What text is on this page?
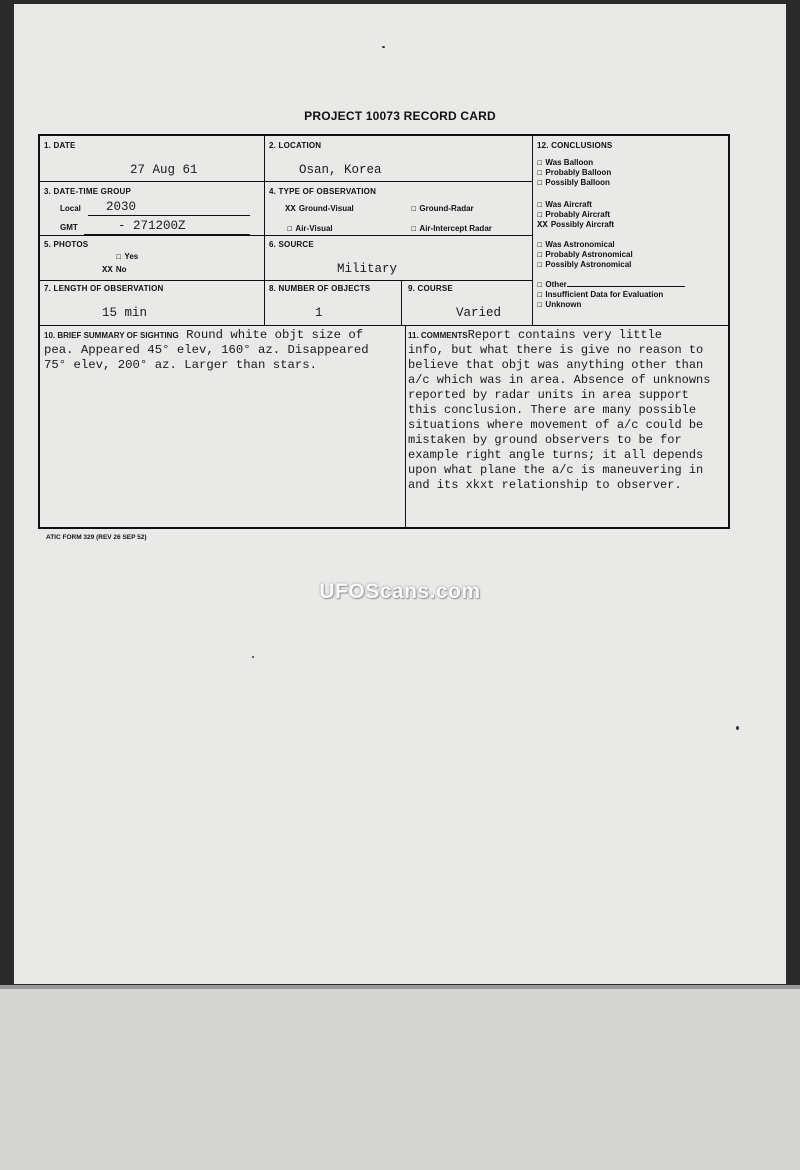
PROJECT 10073 RECORD CARD
1. DATE
27 Aug 61
2. LOCATION
Osan, Korea
3. DATE-TIME GROUP
Local 2030
GMT	- 271200Z
4. TYPE OF OBSERVATION
XX Ground-Visual	☐ Ground-Radar
☐ Air-Visual	☐ Air-Intercept Radar
5. PHOTOS
☐ Yes
XX No
6. SOURCE
Military
7. LENGTH OF OBSERVATION
15 min
8. NUMBER OF OBJECTS
1
9. COURSE
Varied
12. CONCLUSIONS
☐ Was Balloon
☐ Probably Balloon
☐ Possibly Balloon
☐ Was Aircraft
☐ Probably Aircraft
XX Possibly Aircraft
☐ Was Astronomical
☐ Probably Astronomical
☐ Possibly Astronomical
☐ Other
☐ Insufficient Data for Evaluation
☐ Unknown
10. BRIEF SUMMARY OF SIGHTING Round white objt size of
pea. Appeared 45° elev, 160° az. Disappeared
75° elev, 200° az. Larger than stars.
11. COMMENTSReport contains very little
info, but what there is give no reason to
believe that objt was anything other than
a/c which was in area. Absence of unknowns
reported by radar units in area support
this conclusion. There are many possible
situations where movement of a/c could be
mistaken by ground observers to be for
example right angle turns; it all depends
upon what plane the a/c is maneuvering in
and its xkxt relationship to observer.
ATIC FORM 329 (REV 26 SEP 52)
UFOScans.com
